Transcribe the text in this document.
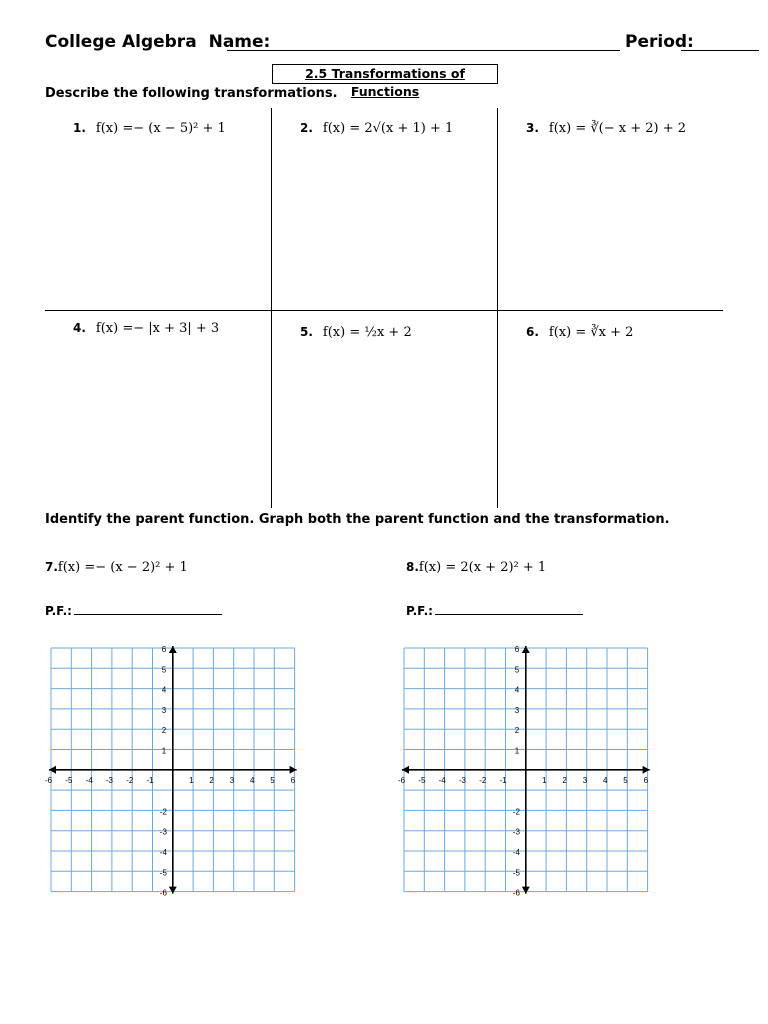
College Algebra Name:	Period:
2.5 Transformations of Functions
Describe the following transformations.
1. f(x) =− (x − 5)² + 1	2. f(x) = 2√(x + 1) + 1	3. f(x) = ∛(− x + 2) + 2
4. f(x) =− |x + 3| + 3	5. f(x) = ½x + 2	6. f(x) = ∛x + 2
Identify the parent function. Graph both the parent function and the transformation.
7.f(x) =− (x − 2)² + 1	8.f(x) = 2(x + 2)² + 1
P.F.:	P.F.:
-6 -5 -4 -3 -2 -1	1 2 3 4 5 6
6
5
4
3
2
1
-2
-3
-4
-5
-6
-6 -5 -4 -3 -2 -1	1 2 3 4 5 6
6
5
4
3
2
1
-2
-3
-4
-5
-6
